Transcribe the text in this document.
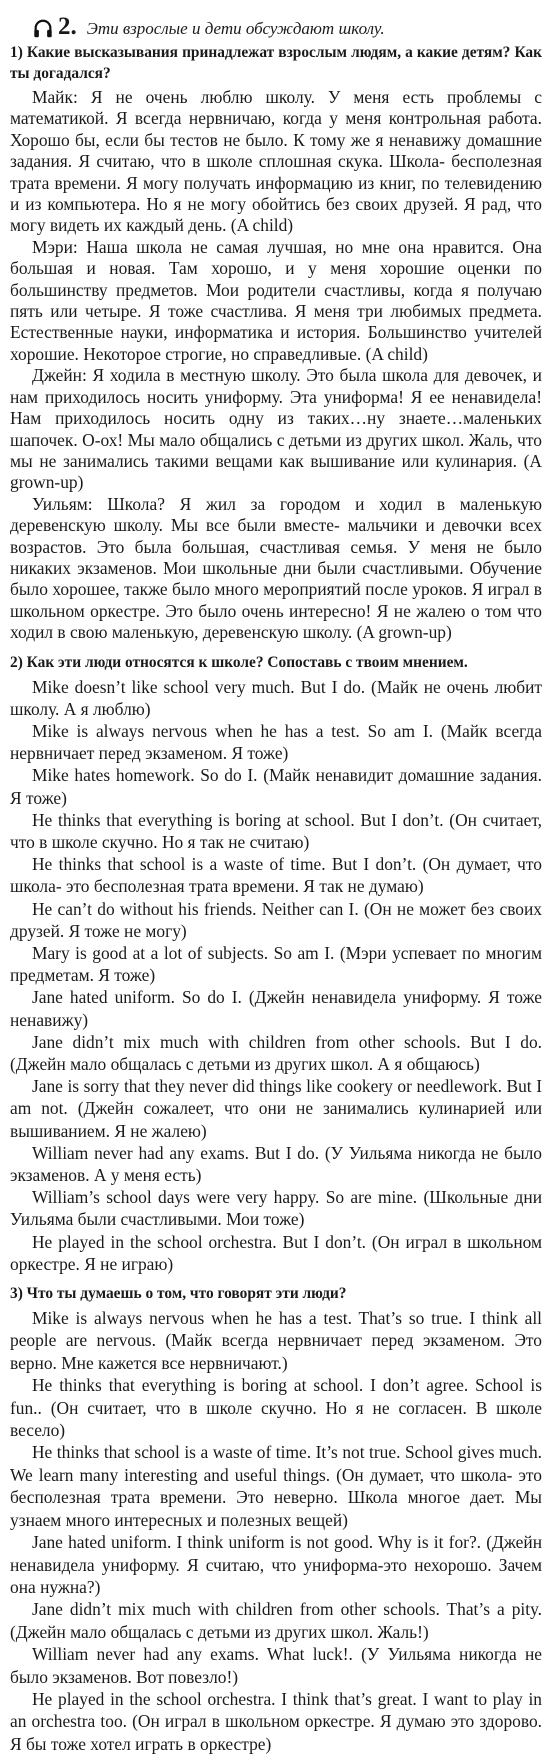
2. Эти взрослые и дети обсуждают школу.
1) Какие высказывания принадлежат взрослым людям, а какие детям? Как ты догадался?

Майк: Я не очень люблю школу. У меня есть проблемы с математикой. Я всегда нервничаю, когда у меня контрольная работа. Хорошо бы, если бы тестов не было. К тому же я ненавижу домашние задания. Я считаю, что в школе сплошная скука. Школа- бесполезная трата времени. Я могу получать информацию из книг, по телевидению и из компьютера. Но я не могу обойтись без своих друзей. Я рад, что могу видеть их каждый день. (A child)

Мэри: Наша школа не самая лучшая, но мне она нравится. Она большая и новая. Там хорошо, и у меня хорошие оценки по большинству предметов. Мои родители счастливы, когда я получаю пять или четыре. Я тоже счастлива. Я меня три любимых предмета. Естественные науки, информатика и история. Большинство учителей хорошие. Некоторое строгие, но справедливые. (A child)

Джейн: Я ходила в местную школу. Это была школа для девочек, и нам приходилось носить униформу. Эта униформа! Я ее ненавидела! Нам приходилось носить одну из таких…ну знаете…маленьких шапочек. О-ох! Мы мало общались с детьми из других школ. Жаль, что мы не занимались такими вещами как вышивание или кулинария. (A grown-up)

Уильям: Школа? Я жил за городом и ходил в маленькую деревенскую школу. Мы все были вместе- мальчики и девочки всех возрастов. Это была большая, счастливая семья. У меня не было никаких экзаменов. Мои школьные дни были счастливыми. Обучение было хорошее, также было много мероприятий после уроков. Я играл в школьном оркестре. Это было очень интересно! Я не жалею о том что ходил в свою маленькую, деревенскую школу. (A grown-up)

2) Как эти люди относятся к школе? Сопоставь с твоим мнением.

Mike doesn’t like school very much. But I do. (Майк не очень любит школу. А я люблю)

Mike is always nervous when he has a test. So am I. (Майк всегда нервничает перед экзаменом. Я тоже)

Mike hates homework. So do I. (Майк ненавидит домашние задания. Я тоже)

He thinks that everything is boring at school. But I don’t. (Он считает, что в школе скучно. Но я так не считаю)

He thinks that school is a waste of time. But I don’t. (Он думает, что школа- это бесполезная трата времени. Я так не думаю)

He can’t do without his friends. Neither can I. (Он не может без своих друзей. Я тоже не могу)

Mary is good at a lot of subjects. So am I. (Мэри успевает по многим предметам. Я тоже)

Jane hated uniform. So do I. (Джейн ненавидела униформу. Я тоже ненавижу)

Jane didn’t mix much with children from other schools. But I do. (Джейн мало общалась с детьми из других школ. А я общаюсь)

Jane is sorry that they never did things like cookery or needlework. But I am not. (Джейн сожалеет, что они не занимались кулинарией или вышиванием. Я не жалею)

William never had any exams. But I do. (У Уильяма никогда не было экзаменов. А у меня есть)

William’s school days were very happy. So are mine. (Школьные дни Уильяма были счастливыми. Мои тоже)

He played in the school orchestra. But I don’t. (Он играл в школьном оркестре. Я не играю)

3) Что ты думаешь о том, что говорят эти люди?

Mike is always nervous when he has a test. That’s so true. I think all people are nervous. (Майк всегда нервничает перед экзаменом. Это верно. Мне кажется все нервничают.)

He thinks that everything is boring at school. I don’t agree. School is fun.. (Он считает, что в школе скучно. Но я не согласен. В школе весело)

He thinks that school is a waste of time. It’s not true. School gives much. We learn many interesting and useful things. (Он думает, что школа- это бесполезная трата времени. Это неверно. Школа многое дает. Мы узнаем много интересных и полезных вещей)

Jane hated uniform. I think uniform is not good. Why is it for?. (Джейн ненавидела униформу. Я считаю, что униформа-это нехорошо. Зачем она нужна?)

Jane didn’t mix much with children from other schools. That’s a pity. (Джейн мало общалась с детьми из других школ. Жаль!)

William never had any exams. What luck!. (У Уильяма никогда не было экзаменов. Вот повезло!)

He played in the school orchestra. I think that’s great. I want to play in an orchestra too. (Он играл в школьном оркестре. Я думаю это здорово. Я бы тоже хотел играть в оркестре)
